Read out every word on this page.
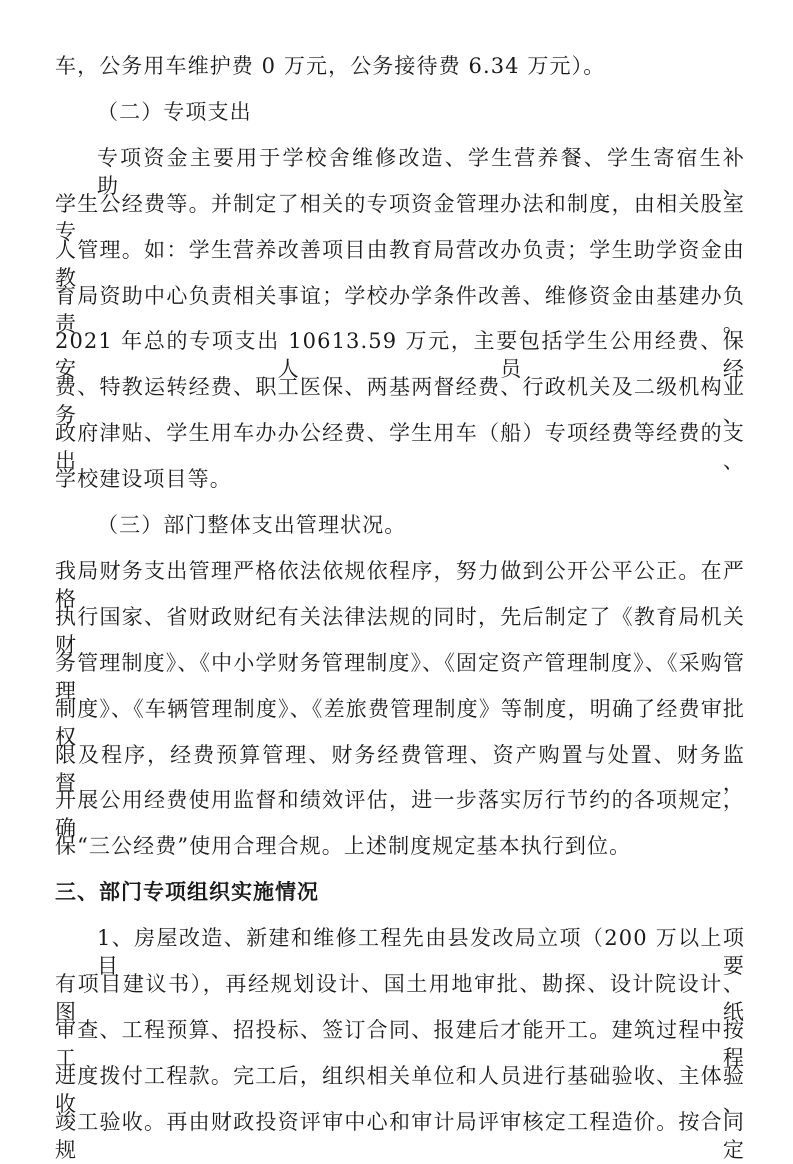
车，公务用车维护费 0 万元，公务接待费 6.34 万元）。
（二）专项支出
专项资金主要用于学校舍维修改造、学生营养餐、学生寄宿生补助、
学生公经费等。并制定了相关的专项资金管理办法和制度，由相关股室专
人管理。如：学生营养改善项目由教育局营改办负责；学生助学资金由教
育局资助中心负责相关事谊；学校办学条件改善、维修资金由基建办负责。
2021 年总的专项支出 10613.59 万元，主要包括学生公用经费、保安人员经
费、特教运转经费、职工医保、两基两督经费、行政机关及二级机构业务、
政府津贴、学生用车办办公经费、学生用车（船）专项经费等经费的支出、
学校建设项目等。
（三）部门整体支出管理状况。
我局财务支出管理严格依法依规依程序，努力做到公开公平公正。在严格
执行国家、省财政财纪有关法律法规的同时，先后制定了《教育局机关财
务管理制度》、《中小学财务管理制度》、《固定资产管理制度》、《采购管理
制度》、《车辆管理制度》、《差旅费管理制度》等制度，明确了经费审批权
限及程序，经费预算管理、财务经费管理、资产购置与处置、财务监督，
开展公用经费使用监督和绩效评估，进一步落实厉行节约的各项规定，确
保“三公经费”使用合理合规。上述制度规定基本执行到位。
三、部门专项组织实施情况
1、房屋改造、新建和维修工程先由县发改局立项（200 万以上项目要
有项目建议书），再经规划设计、国土用地审批、勘探、设计院设计、图纸
审查、工程预算、招投标、签订合同、报建后才能开工。建筑过程中按工程
进度拨付工程款。完工后，组织相关单位和人员进行基础验收、主体验收、
竣工验收。再由财政投资评审中心和审计局评审核定工程造价。按合同规定
